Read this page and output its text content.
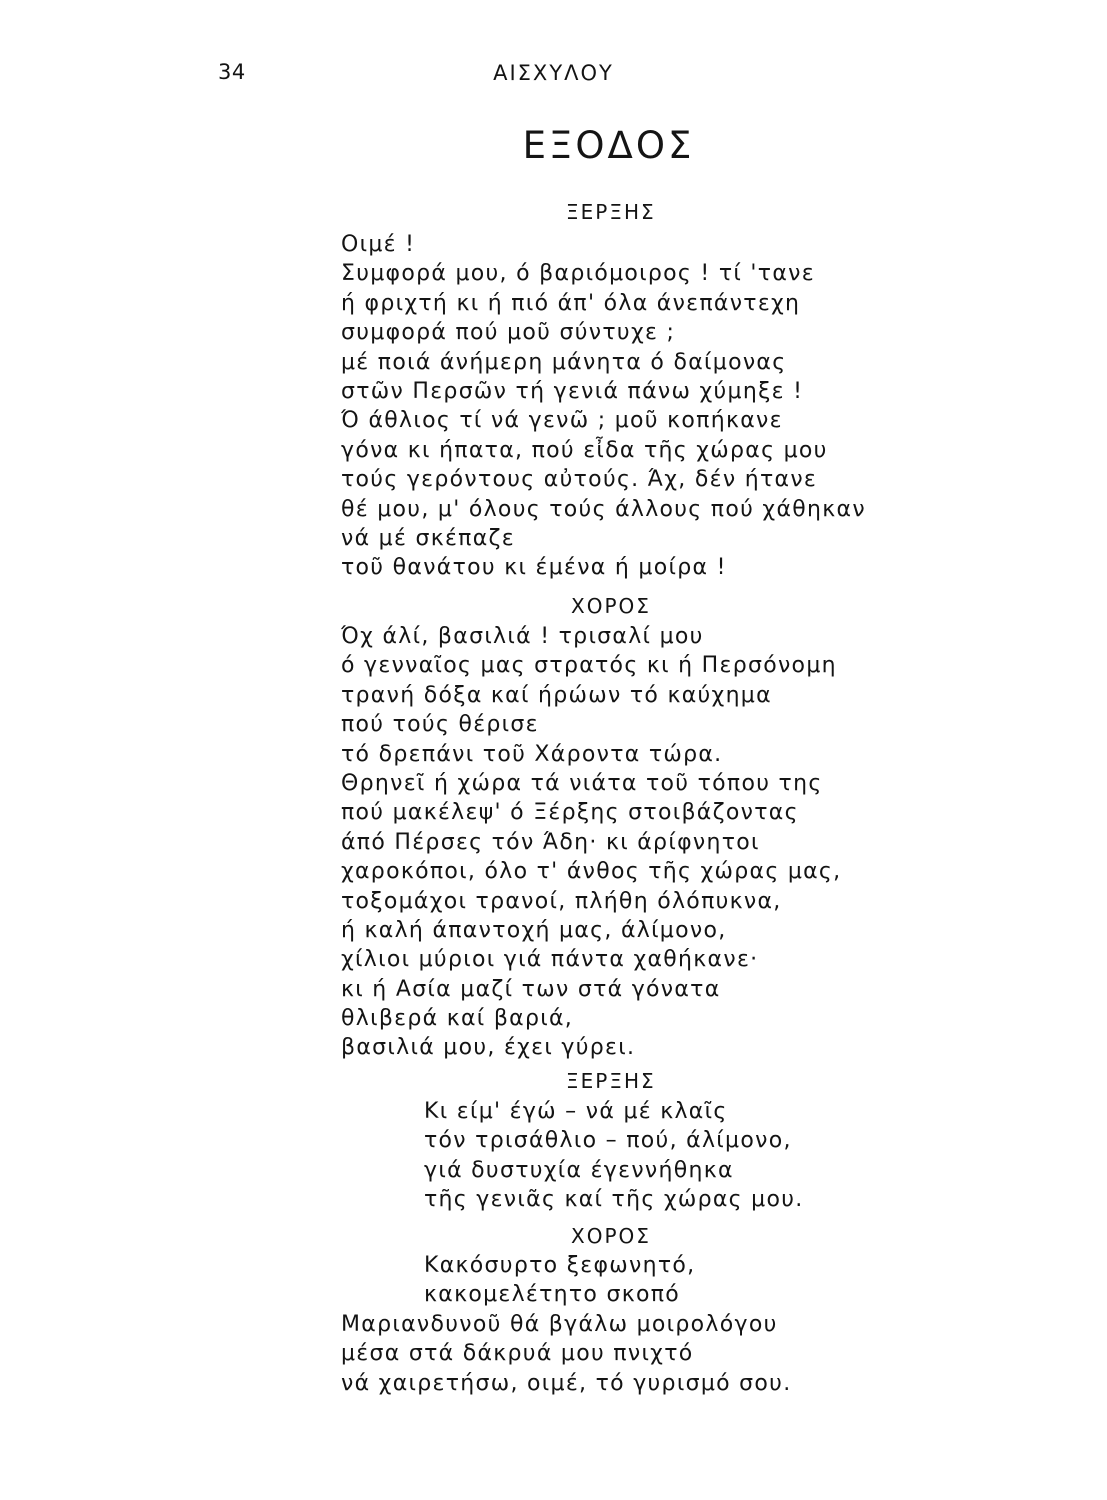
34	ΑΙΣΧΥΛΟΥ
ΕΞΟΔΟΣ
ΞΕΡΞΗΣ
Οιμέ !
Συμφορά μου, ό βαριόμοιρος ! τί 'τανε
ή φριχτή κι ή πιό άπ' όλα άνεπάντεχη
συμφορά πού μοῦ σύντυχε ;
μέ ποιά άνήμερη μάνητα ό δαίμονας
στῶν Περσῶν τή γενιά πάνω χύμηξε !
Ό άθλιος τί νά γενῶ ; μοῦ κοπήκανε
γόνα κι ήπατα, πού εἶδα τῆς χώρας μου
τούς γερόντους αὐτούς. Άχ, δέν ήτανε
θέ μου, μ' όλους τούς άλλους πού χάθηκαν
νά μέ σκέπαζε
τοῦ θανάτου κι έμένα ή μοίρα !
ΧΟΡΟΣ
Όχ άλί, βασιλιά ! τρισαλί μου
ό γενναῖος μας στρατός κι ή Περσόνομη
τρανή δόξα καί ήρώων τό καύχημα
πού τούς θέρισε
τό δρεπάνι τοῦ Χάροντα τώρα.
Θρηνεῖ ή χώρα τά νιάτα τοῦ τόπου της
πού μακέλεψ' ό Ξέρξης στοιβάζοντας
άπό Πέρσες τόν Άδη· κι άρίφνητοι
χαροκόποι, όλο τ' άνθος τῆς χώρας μας,
τοξομάχοι τρανοί, πλήθη όλόπυκνα,
ή καλή άπαντοχή μας, άλίμονο,
χίλιοι μύριοι γιά πάντα χαθήκανε·
κι ή Ασία μαζί των στά γόνατα
θλιβερά καί βαριά,
βασιλιά μου, έχει γύρει.
ΞΕΡΞΗΣ
Κι είμ' έγώ – νά μέ κλαῖς
τόν τρισάθλιο – πού, άλίμονο,
γιά δυστυχία έγεννήθηκα
τῆς γενιᾶς καί τῆς χώρας μου.
ΧΟΡΟΣ
Κακόσυρτο ξεφωνητό,
κακομελέτητο σκοπό
Μαριανδυνοῦ θά βγάλω μοιρολόγου
μέσα στά δάκρυά μου πνιχτό
νά χαιρετήσω, οιμέ, τό γυρισμό σου.
